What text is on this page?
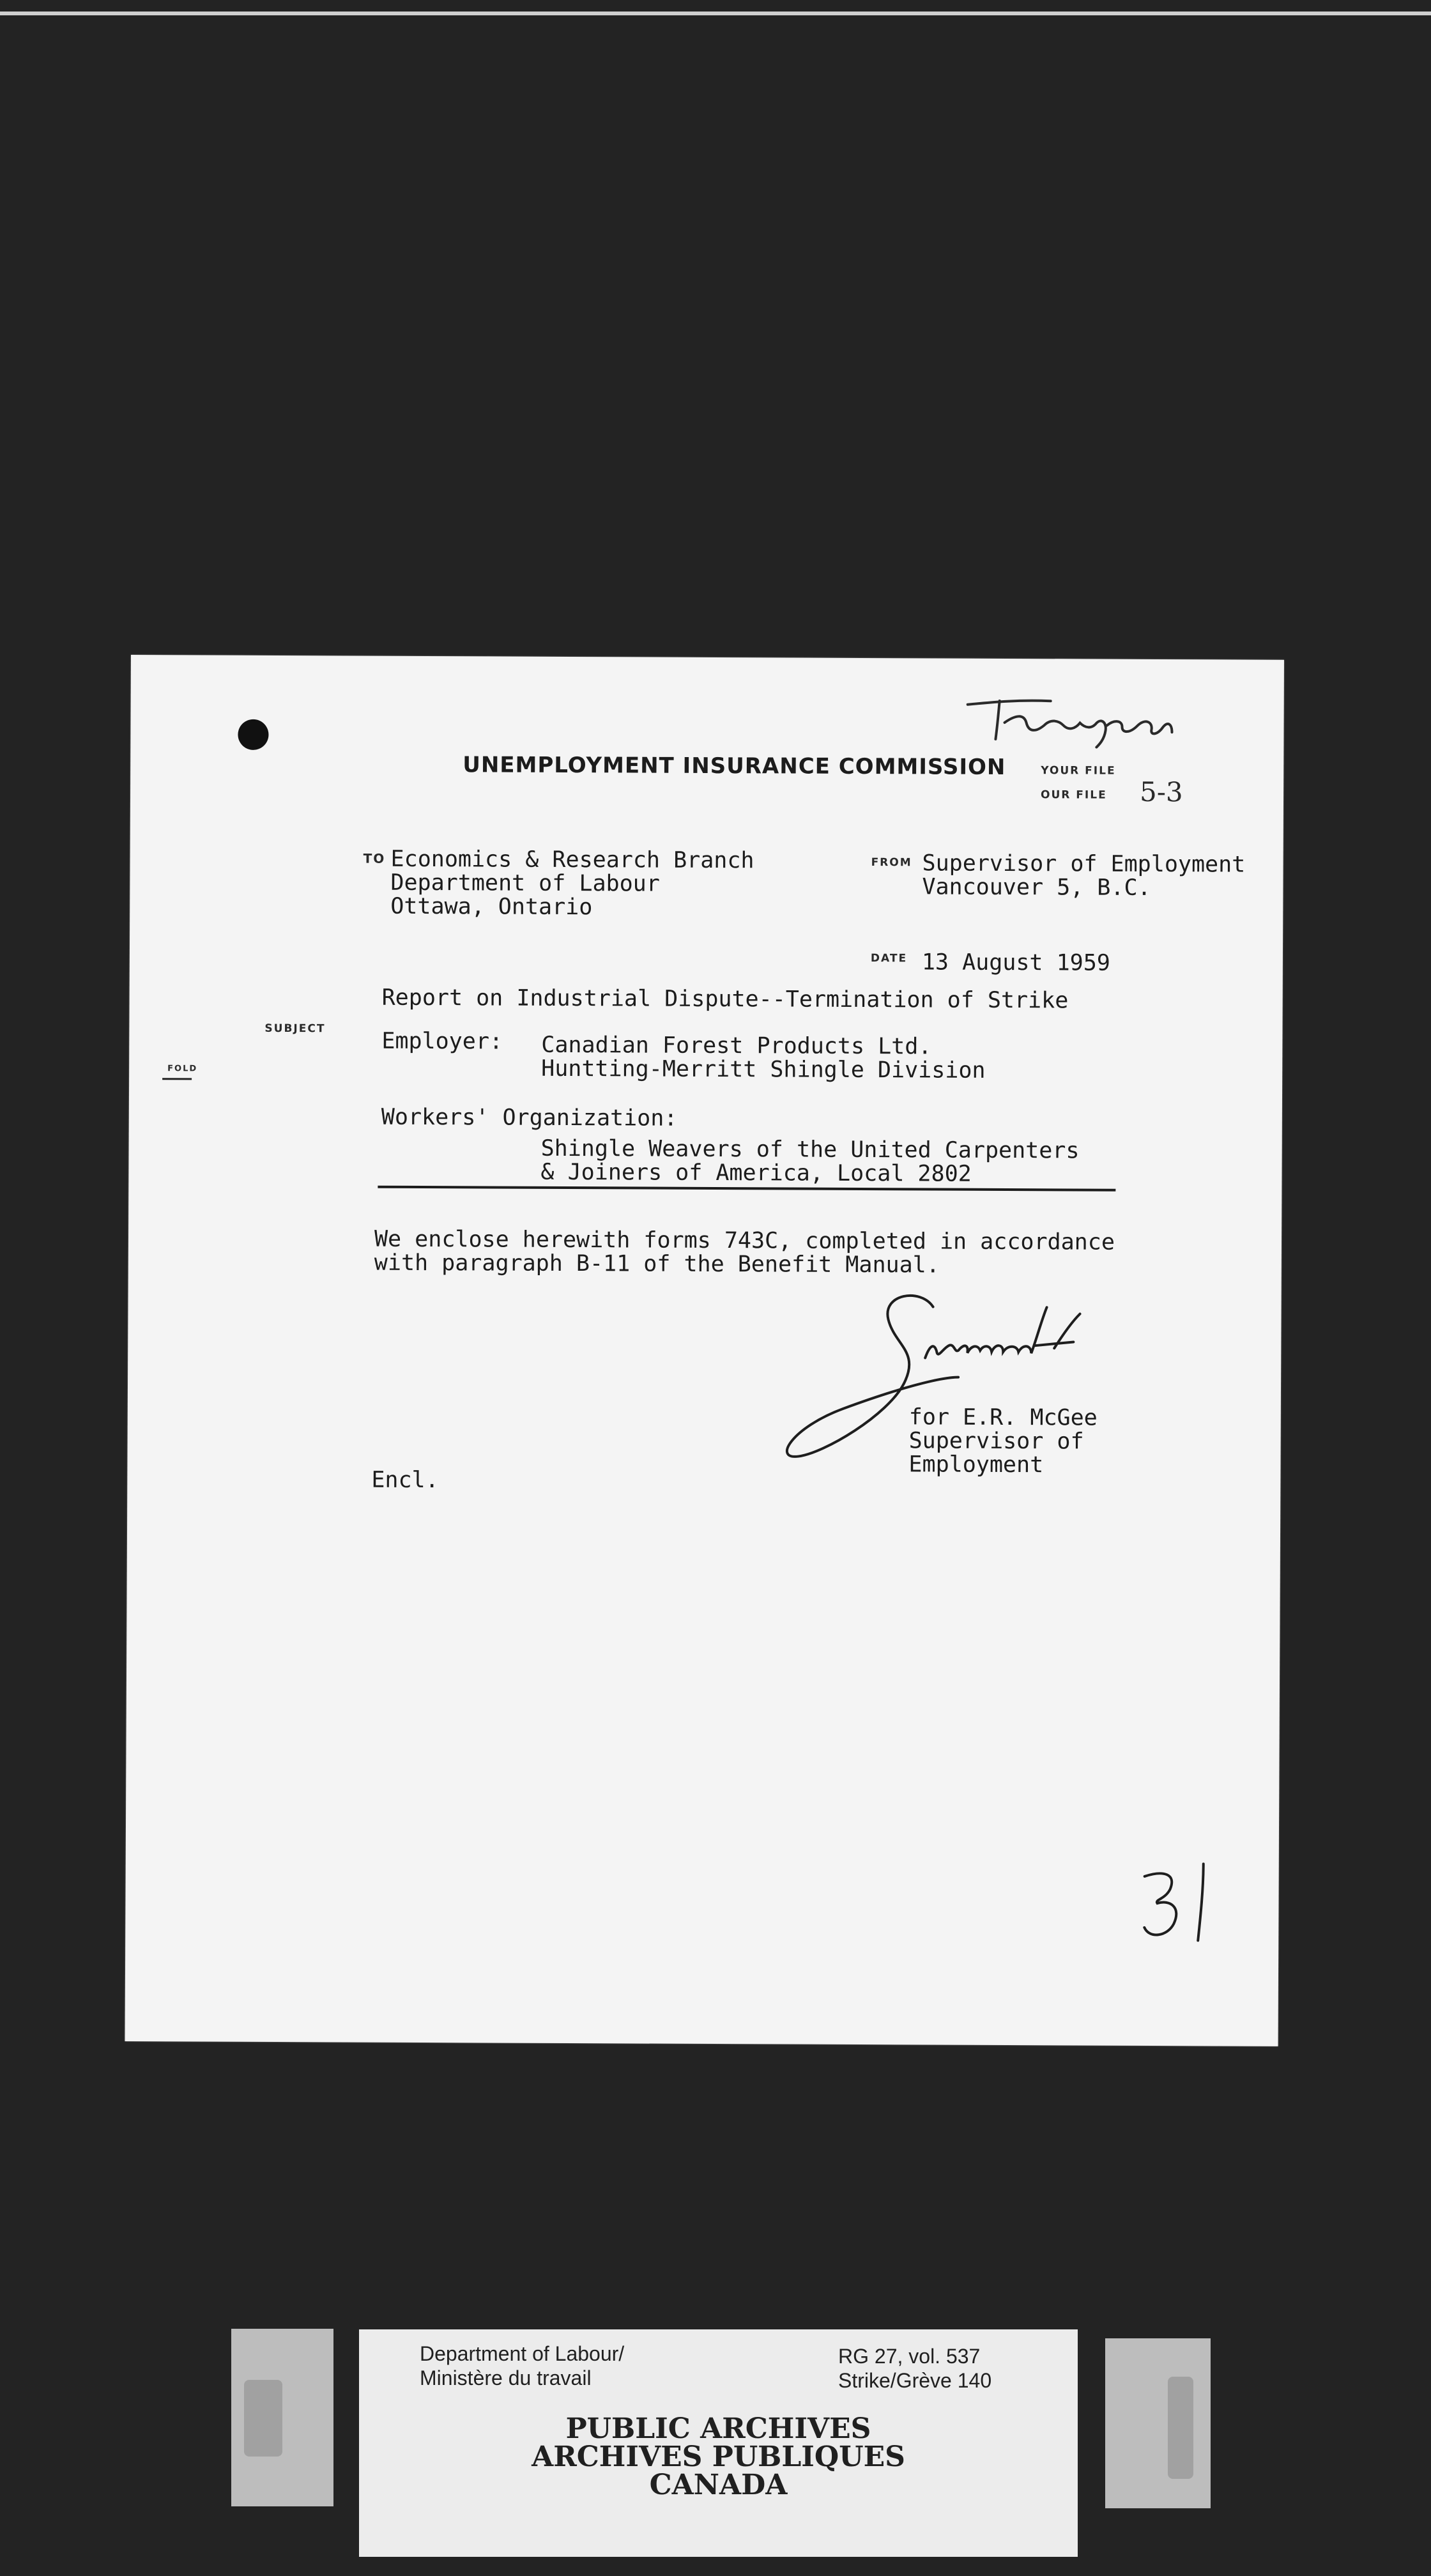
UNEMPLOYMENT INSURANCE COMMISSION	YOUR FILE
OUR FILE 5-3
TO Economics & Research Branch
Department of Labour
Ottawa, Ontario
FROM Supervisor of Employment
Vancouver 5, B.C.
DATE 13 August 1959
Report on Industrial Dispute--Termination of Strike
SUBJECT
FOLD
Employer: Canadian Forest Products Ltd.
Huntting-Merritt Shingle Division
Workers' Organization:
Shingle Weavers of the United Carpenters
& Joiners of America, Local 2802
We enclose herewith forms 743C, completed in accordance
with paragraph B-11 of the Benefit Manual.
for E.R. McGee
Supervisor of
Employment
Encl.
Department of Labour/
Ministère du travail
RG 27, vol. 537
Strike/Grève 140
PUBLIC ARCHIVES
ARCHIVES PUBLIQUES
CANADA
